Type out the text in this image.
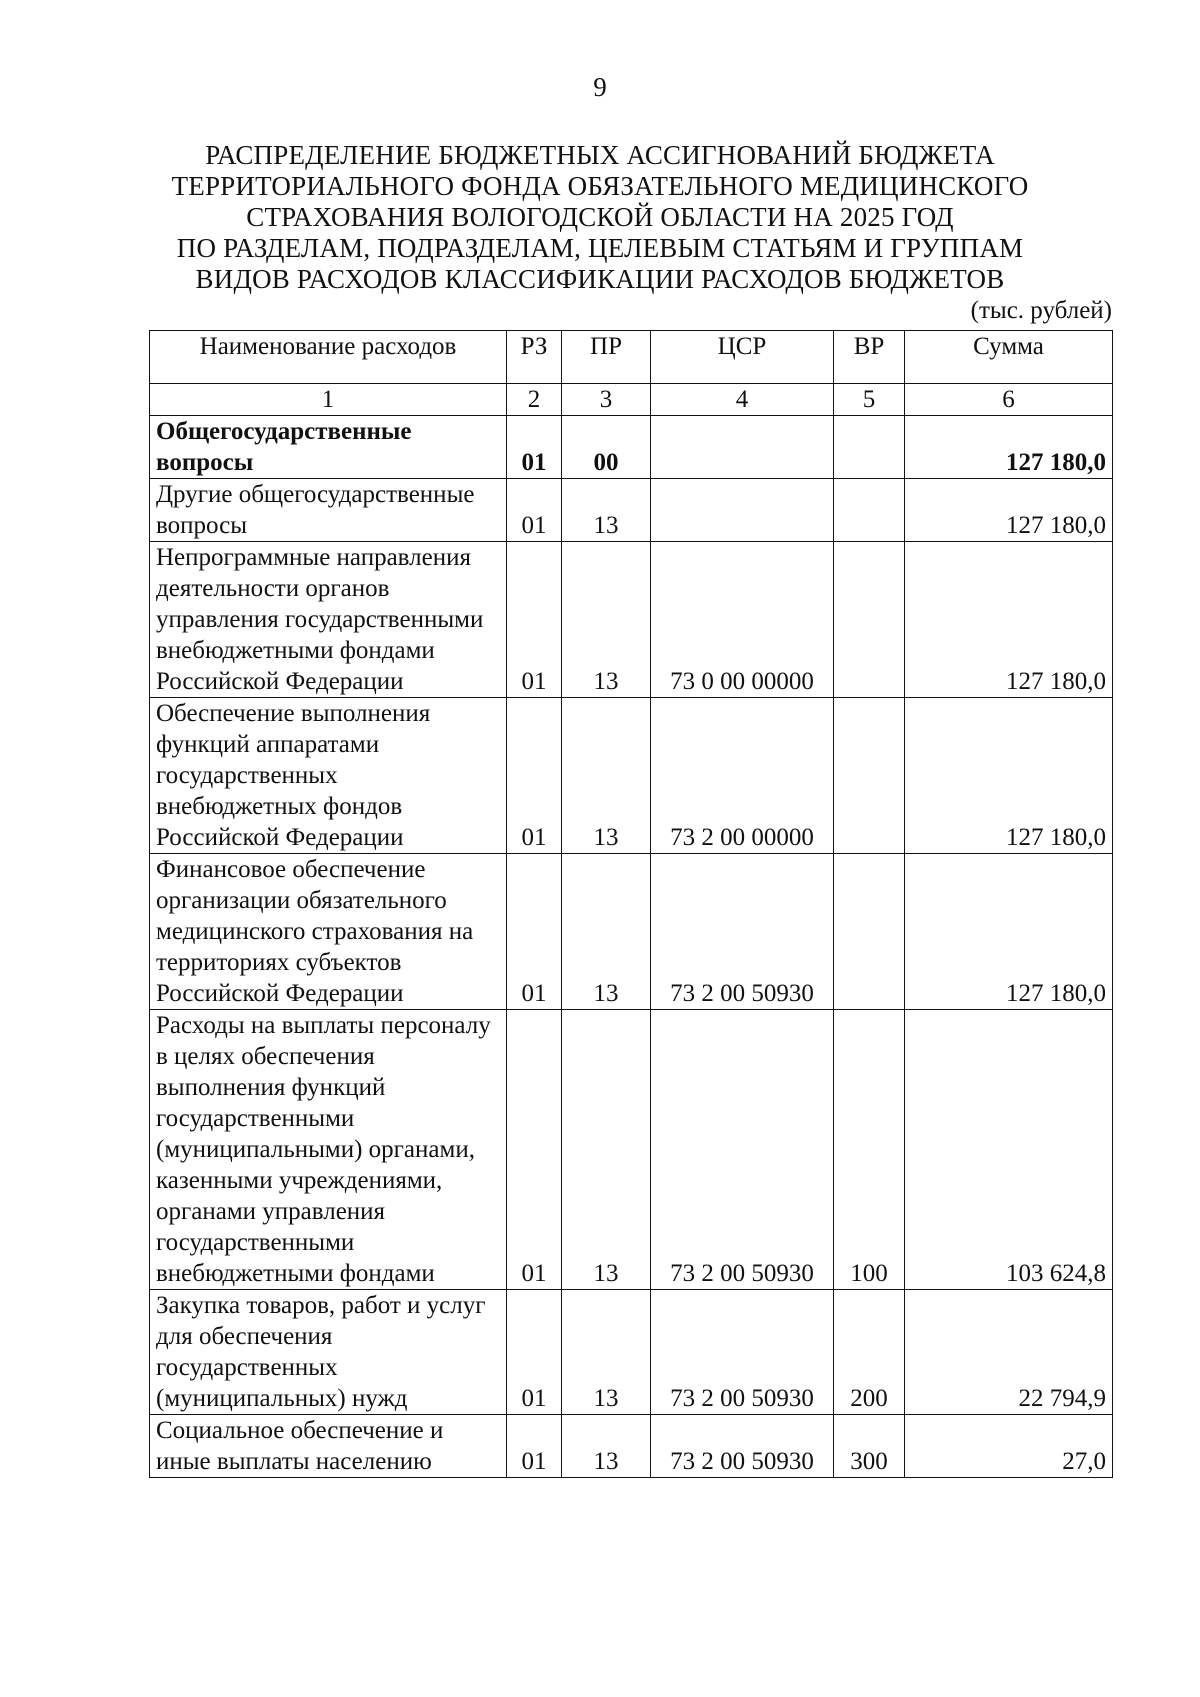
9
РАСПРЕДЕЛЕНИЕ БЮДЖЕТНЫХ АССИГНОВАНИЙ БЮДЖЕТА
ТЕРРИТОРИАЛЬНОГО ФОНДА ОБЯЗАТЕЛЬНОГО МЕДИЦИНСКОГО
СТРАХОВАНИЯ ВОЛОГОДСКОЙ ОБЛАСТИ НА 2025 ГОД
ПО РАЗДЕЛАМ, ПОДРАЗДЕЛАМ, ЦЕЛЕВЫМ СТАТЬЯМ И ГРУППАМ
ВИДОВ РАСХОДОВ КЛАССИФИКАЦИИ РАСХОДОВ БЮДЖЕТОВ
(тыс. рублей)
Наименование расходов	РЗ	ПР	ЦСР	ВР	Сумма
1	2	3	4	5	6
Общегосударственные вопросы	01	00			127 180,0
Другие общегосударственные вопросы	01	13			127 180,0
Непрограммные направления деятельности органов управления государственными внебюджетными фондами Российской Федерации	01	13	73 0 00 00000		127 180,0
Обеспечение выполнения функций аппаратами государственных внебюджетных фондов Российской Федерации	01	13	73 2 00 00000		127 180,0
Финансовое обеспечение организации обязательного медицинского страхования на территориях субъектов Российской Федерации	01	13	73 2 00 50930		127 180,0
Расходы на выплаты персоналу в целях обеспечения выполнения функций государственными (муниципальными) органами, казенными учреждениями, органами управления государственными внебюджетными фондами	01	13	73 2 00 50930	100	103 624,8
Закупка товаров, работ и услуг для обеспечения государственных (муниципальных) нужд	01	13	73 2 00 50930	200	22 794,9
Социальное обеспечение и иные выплаты населению	01	13	73 2 00 50930	300	27,0
